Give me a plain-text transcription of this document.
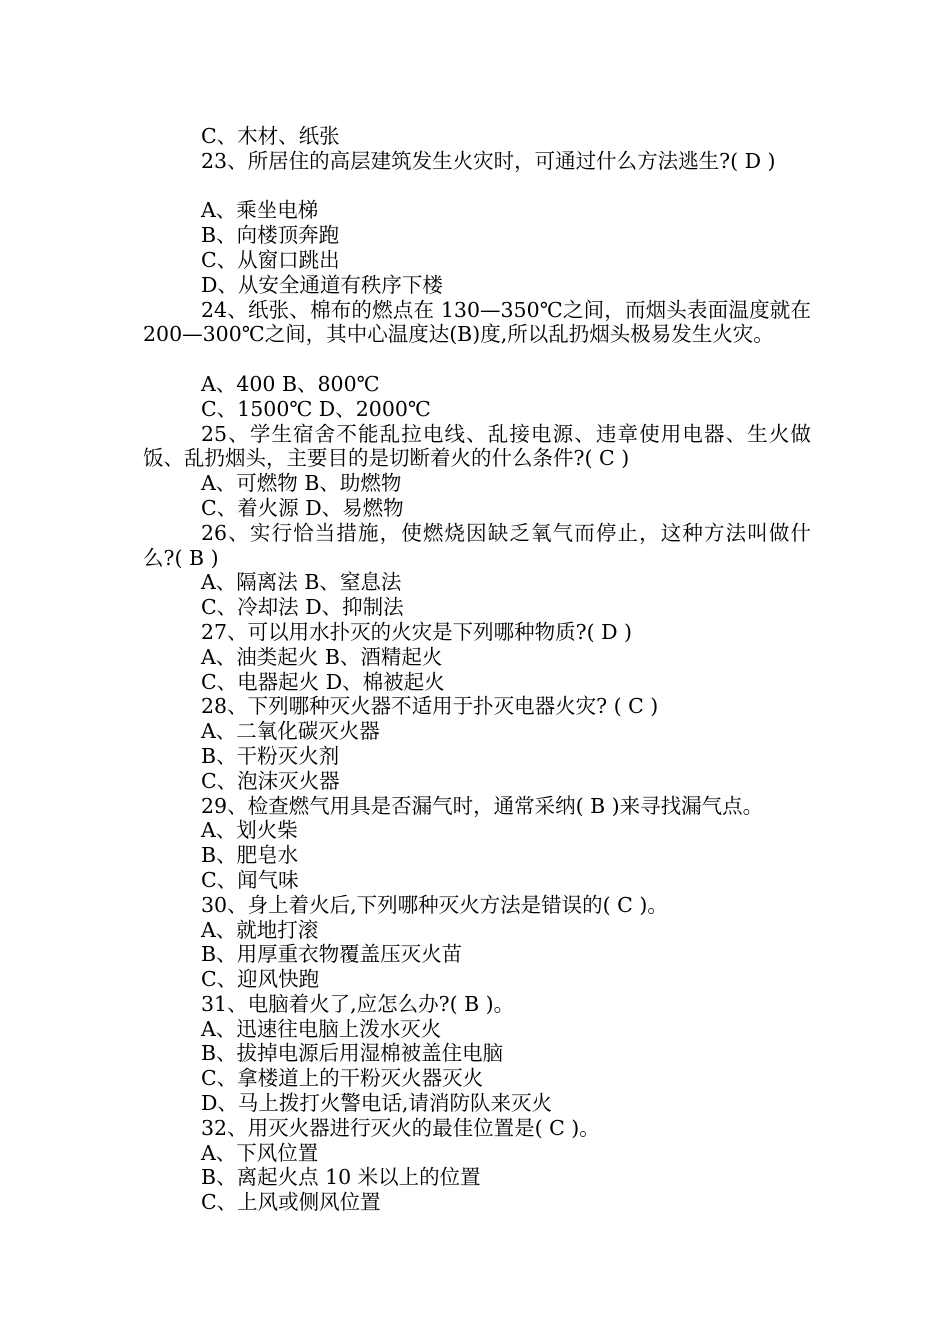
C、木材、纸张
23、所居住的高层建筑发生火灾时，可通过什么方法逃生?( D )
A、乘坐电梯
B、向楼顶奔跑
C、从窗口跳出
D、从安全通道有秩序下楼
24、纸张、棉布的燃点在 130—350℃之间，而烟头表面温度就在 200—300℃之间，其中心温度达(B)度,所以乱扔烟头极易发生火灾。
A、400 B、800℃
C、1500℃ D、2000℃
25、学生宿舍不能乱拉电线、乱接电源、违章使用电器、生火做饭、乱扔烟头，主要目的是切断着火的什么条件?( C )
A、可燃物 B、助燃物
C、着火源 D、易燃物
26、实行恰当措施，使燃烧因缺乏氧气而停止，这种方法叫做什么?( B )
A、隔离法 B、窒息法
C、冷却法 D、抑制法
27、可以用水扑灭的火灾是下列哪种物质?( D )
A、油类起火 B、酒精起火
C、电器起火 D、棉被起火
28、下列哪种灭火器不适用于扑灭电器火灾? ( C )
A、二氧化碳灭火器
B、干粉灭火剂
C、泡沫灭火器
29、检查燃气用具是否漏气时，通常采纳( B )来寻找漏气点。
A、划火柴
B、肥皂水
C、闻气味
30、身上着火后,下列哪种灭火方法是错误的( C )。
A、就地打滚
B、用厚重衣物覆盖压灭火苗
C、迎风快跑
31、电脑着火了,应怎么办?( B )。
A、迅速往电脑上泼水灭火
B、拔掉电源后用湿棉被盖住电脑
C、拿楼道上的干粉灭火器灭火
D、马上拨打火警电话,请消防队来灭火
32、用灭火器进行灭火的最佳位置是( C )。
A、下风位置
B、离起火点 10 米以上的位置
C、上风或侧风位置
